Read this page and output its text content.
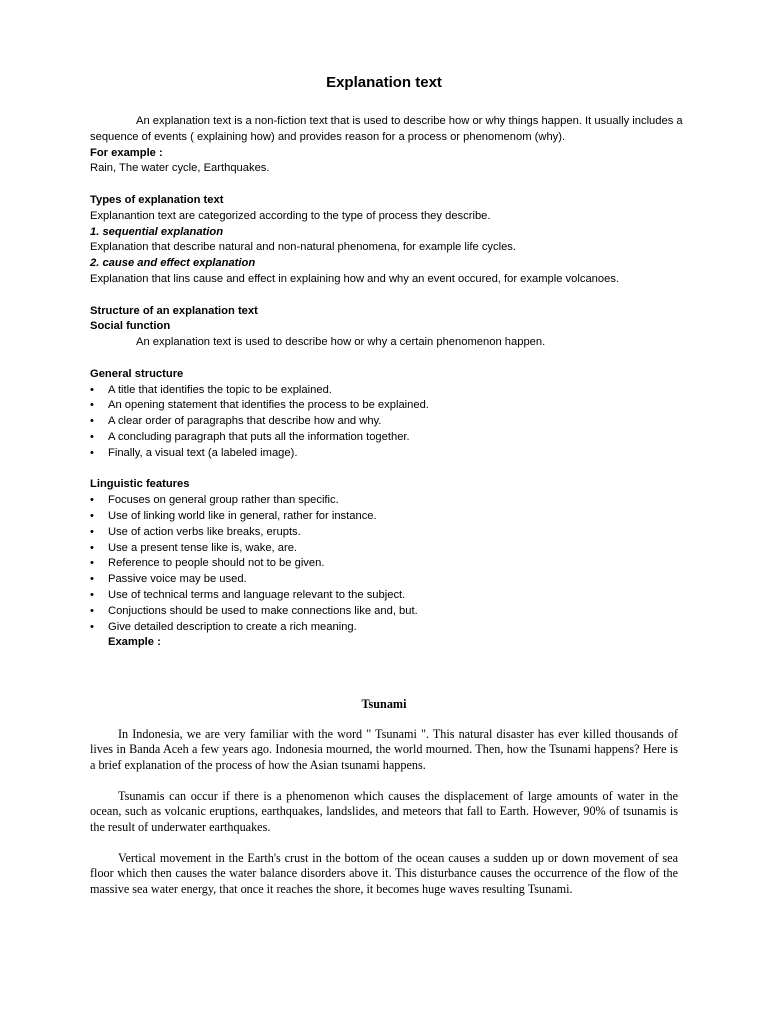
Explanation text

An explanation text is a non-fiction text that is used to describe how or why things happen. It usually includes a sequence of events ( explaining how) and provides reason for a process or phenomenom (why).

For example :

Rain, The water cycle, Earthquakes.

Types of explanation text

Explanantion text are categorized according to the type of process they describe.

1. sequential explanation

Explanation that describe natural and non-natural phenomena, for example life cycles.

2. cause and effect explanation

Explanation that lins cause and effect in explaining how and why an event occured, for example volcanoes.

Structure of an explanation text

Social function

An explanation text is used to describe how or why a certain phenomenon happen.

General structure

• A title that identifies the topic to be explained.
• An opening statement that identifies the process to be explained.
• A clear order of paragraphs that describe how and why.
• A concluding paragraph that puts all the information together.
• Finally, a visual text (a labeled image).

Linguistic features

• Focuses on general group rather than specific.
• Use of linking world like in general, rather for instance.
• Use of action verbs like breaks, erupts.
• Use a present tense like is, wake, are.
• Reference to people should not to be given.
• Passive voice may be used.
• Use of technical terms and language relevant to the subject.
• Conjuctions should be used to make connections like and, but.
• Give detailed description to create a rich meaning.

Example :

Tsunami

In Indonesia, we are very familiar with the word " Tsunami ". This natural disaster has ever killed thousands of lives in Banda Aceh a few years ago. Indonesia mourned, the world mourned. Then, how the Tsunami happens? Here is a brief explanation of the process of how the Asian tsunami happens.

Tsunamis can occur if there is a phenomenon which causes the displacement of large amounts of water in the ocean, such as volcanic eruptions, earthquakes, landslides, and meteors that fall to Earth. However, 90% of tsunamis is the result of underwater earthquakes.

Vertical movement in the Earth's crust in the bottom of the ocean causes a sudden up or down movement of sea floor which then causes the water balance disorders above it. This disturbance causes the occurrence of the flow of the massive sea water energy, that once it reaches the shore, it becomes huge waves resulting Tsunami.
